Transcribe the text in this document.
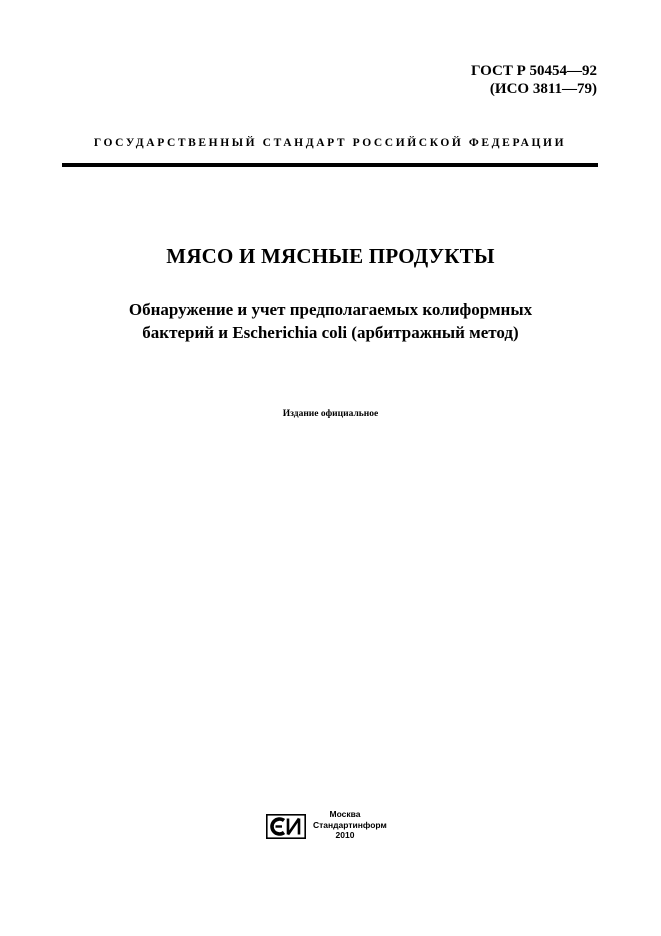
ГОСТ Р 50454—92
(ИСО 3811—79)
ГОСУДАРСТВЕННЫЙ СТАНДАРТ РОССИЙСКОЙ ФЕДЕРАЦИИ
МЯСО И МЯСНЫЕ ПРОДУКТЫ
Обнаружение и учет предполагаемых колиформных
бактерий и Escherichia coli (арбитражный метод)
Издание официальное
Москва
Стандартинформ
2010
